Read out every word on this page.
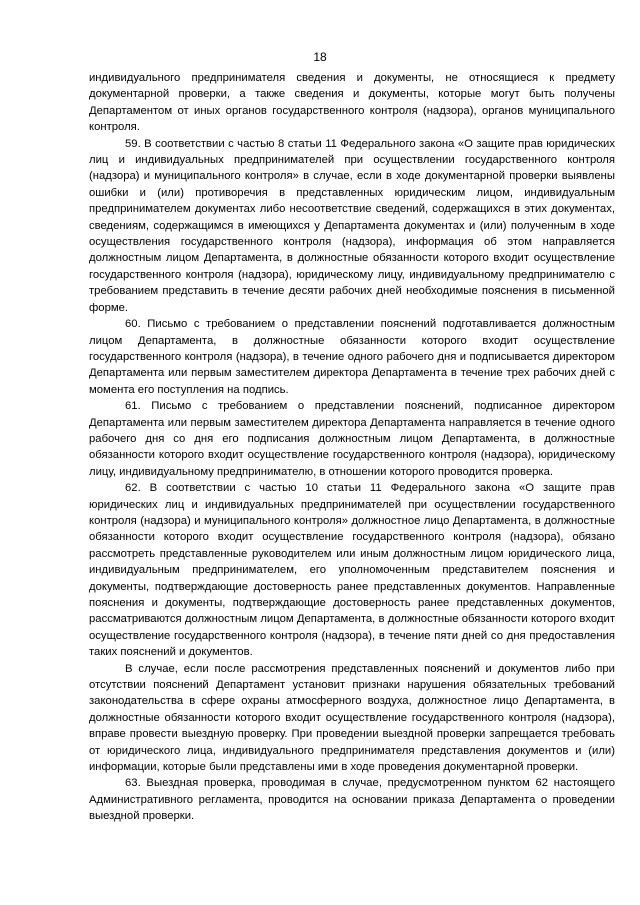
18

индивидуального предпринимателя сведения и документы, не относящиеся к предмету документарной проверки, а также сведения и документы, которые могут быть получены Департаментом от иных органов государственного контроля (надзора), органов муниципального контроля.

59. В соответствии с частью 8 статьи 11 Федерального закона «О защите прав юридических лиц и индивидуальных предпринимателей при осуществлении государственного контроля (надзора) и муниципального контроля» в случае, если в ходе документарной проверки выявлены ошибки и (или) противоречия в представленных юридическим лицом, индивидуальным предпринимателем документах либо несоответствие сведений, содержащихся в этих документах, сведениям, содержащимся в имеющихся у Департамента документах и (или) полученным в ходе осуществления государственного контроля (надзора), информация об этом направляется должностным лицом Департамента, в должностные обязанности которого входит осуществление государственного контроля (надзора), юридическому лицу, индивидуальному предпринимателю с требованием представить в течение десяти рабочих дней необходимые пояснения в письменной форме.

60. Письмо с требованием о представлении пояснений подготавливается должностным лицом Департамента, в должностные обязанности которого входит осуществление государственного контроля (надзора), в течение одного рабочего дня и подписывается директором Департамента или первым заместителем директора Департамента в течение трех рабочих дней с момента его поступления на подпись.

61. Письмо с требованием о представлении пояснений, подписанное директором Департамента или первым заместителем директора Департамента направляется в течение одного рабочего дня со дня его подписания должностным лицом Департамента, в должностные обязанности которого входит осуществление государственного контроля (надзора), юридическому лицу, индивидуальному предпринимателю, в отношении которого проводится проверка.

62. В соответствии с частью 10 статьи 11 Федерального закона «О защите прав юридических лиц и индивидуальных предпринимателей при осуществлении государственного контроля (надзора) и муниципального контроля» должностное лицо Департамента, в должностные обязанности которого входит осуществление государственного контроля (надзора), обязано рассмотреть представленные руководителем или иным должностным лицом юридического лица, индивидуальным предпринимателем, его уполномоченным представителем пояснения и документы, подтверждающие достоверность ранее представленных документов. Направленные пояснения и документы, подтверждающие достоверность ранее представленных документов, рассматриваются должностным лицом Департамента, в должностные обязанности которого входит осуществление государственного контроля (надзора), в течение пяти дней со дня предоставления таких пояснений и документов.

В случае, если после рассмотрения представленных пояснений и документов либо при отсутствии пояснений Департамент установит признаки нарушения обязательных требований законодательства в сфере охраны атмосферного воздуха, должностное лицо Департамента, в должностные обязанности которого входит осуществление государственного контроля (надзора), вправе провести выездную проверку. При проведении выездной проверки запрещается требовать от юридического лица, индивидуального предпринимателя представления документов и (или) информации, которые были представлены ими в ходе проведения документарной проверки.

63. Выездная проверка, проводимая в случае, предусмотренном пунктом 62 настоящего Административного регламента, проводится на основании приказа Департамента о проведении выездной проверки.
